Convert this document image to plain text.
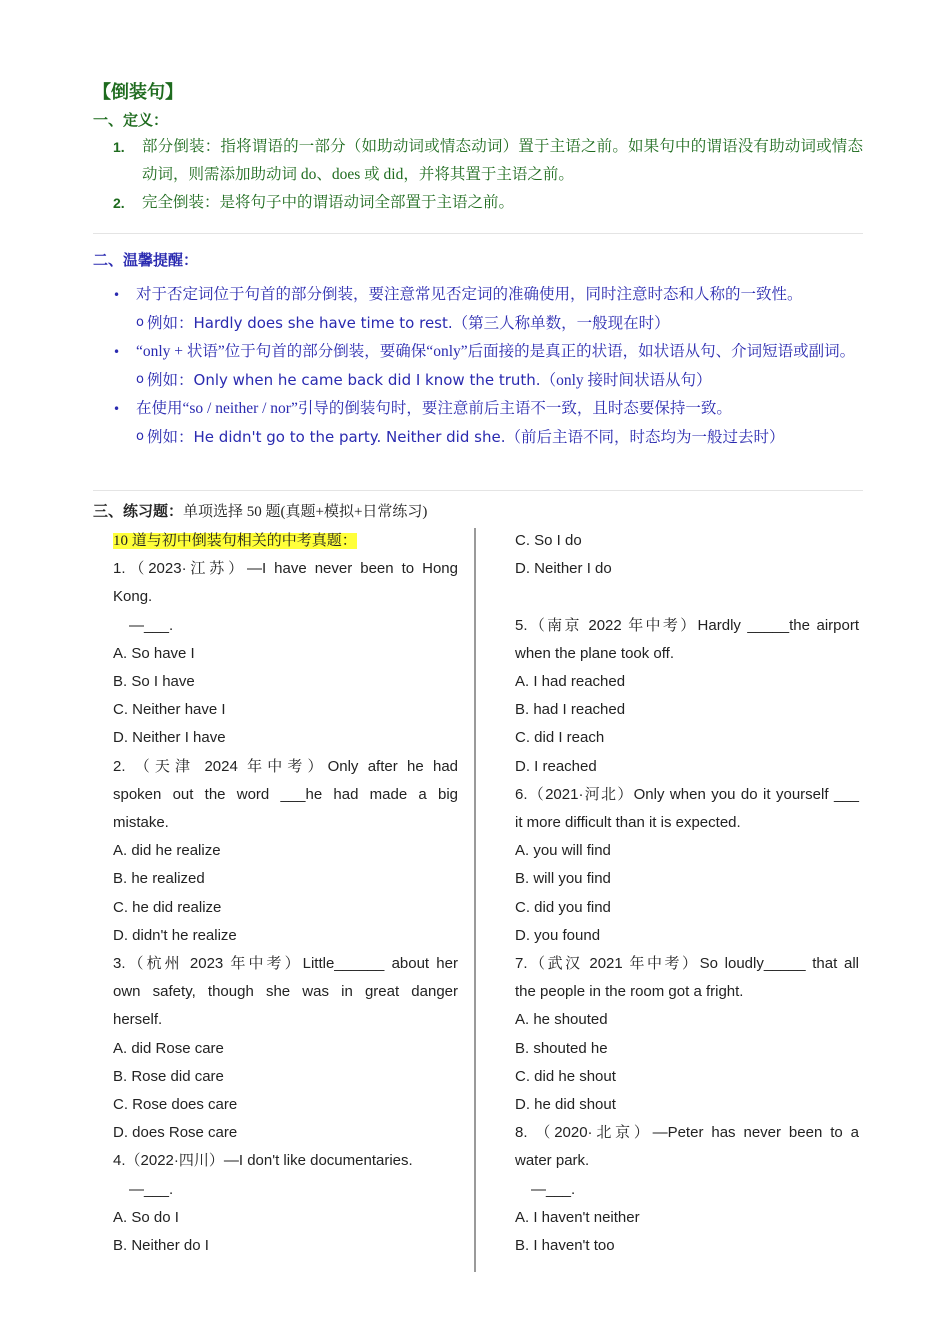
【倒装句】
一、定义：
1.	部分倒装：指将谓语的一部分（如助动词或情态动词）置于主语之前。如果句中的谓语没有助动词或情态动词，则需添加助动词 do、does 或 did，并将其置于主语之前。
2.	完全倒装：是将句子中的谓语动词全部置于主语之前。
二、温馨提醒：
•	对于否定词位于句首的部分倒装，要注意常见否定词的准确使用，同时注意时态和人称的一致性。
o 例如：Hardly does she have time to rest.（第三人称单数，一般现在时）
•	“only + 状语”位于句首的部分倒装，要确保“only”后面接的是真正的状语，如状语从句、介词短语或副词。
o 例如：Only when he came back did I know the truth.（only 接时间状语从句）
•	在使用“so / neither / nor”引导的倒装句时，要注意前后主语不一致，且时态要保持一致。
o 例如：He didn't go to the party. Neither did she.（前后主语不同，时态均为一般过去时）
三、练习题：单项选择 50 题(真题+模拟+日常练习)
10 道与初中倒装句相关的中考真题：
1.（2023·江苏）—I have never been to Hong
Kong.
—___.
A. So have I
B. So I have
C. Neither have I
D. Neither I have
2. （天津 2024 年中考）Only after he had
spoken out the word ___he had made a big
mistake.
A. did he realize
B. he realized
C. he did realize
D. didn't he realize
3.（杭州 2023 年中考）Little______ about her
own safety, though she was in great danger
herself.
A. did Rose care
B. Rose did care
C. Rose does care
D. does Rose care
4.（2022·四川）—I don't like documentaries.
—___.
A. So do I
B. Neither do I
C. So I do
D. Neither I do

5.（南京 2022 年中考）Hardly _____the airport
when the plane took off.
A. I had reached
B. had I reached
C. did I reach
D. I reached
6.（2021·河北）Only when you do it yourself ___
it more difficult than it is expected.
A. you will find
B. will you find
C. did you find
D. you found
7.（武汉 2021 年中考）So loudly_____ that all
the people in the room got a fright.
A. he shouted
B. shouted he
C. did he shout
D. he did shout
8. （2020·北京）—Peter has never been to a
water park.
—___.
A. I haven't neither
B. I haven't too
